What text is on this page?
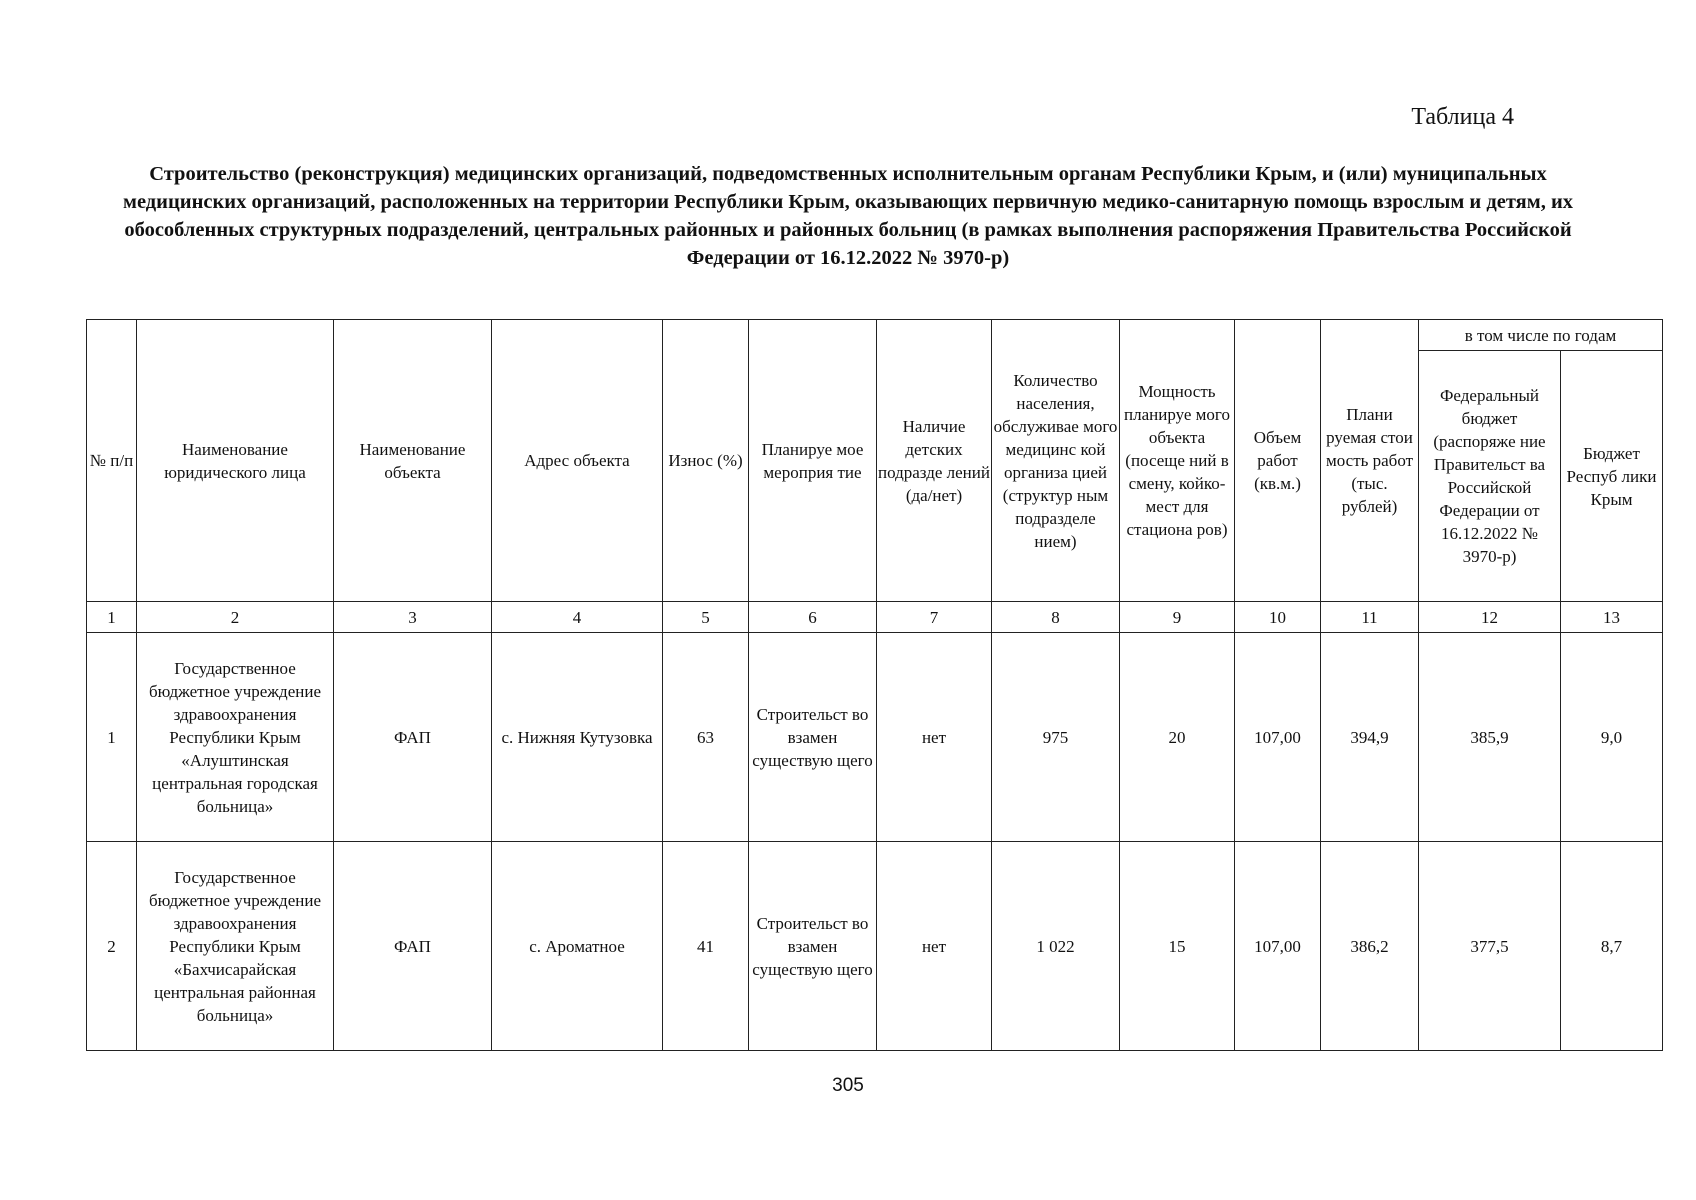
Таблица 4
Строительство (реконструкция) медицинских организаций, подведомственных исполнительным органам Республики Крым, и (или) муниципальных медицинских организаций, расположенных на территории Республики Крым, оказывающих первичную медико-санитарную помощь взрослым и детям, их обособленных структурных подразделений, центральных районных и районных больниц (в рамках выполнения распоряжения Правительства Российской Федерации от 16.12.2022 № 3970-р)
№ п/п	Наименование юридического лица	Наименование объекта	Адрес объекта	Износ (%)	Планируе мое мероприя тие	Наличие детских подразде лений (да/нет)	Количество населения, обслуживае мого медицинс кой организа цией (структур ным подразделе нием)	Мощность планируе мого объекта (посеще ний в смену, койко-мест для стациона ров)	Объем работ (кв.м.)	Плани руемая стои мость работ (тыс. рублей)	в том числе по годам	
											Федеральный бюджет (распоряже ние Правительст ва Российской Федерации от 16.12.2022 № 3970-р)	Бюджет Респуб лики Крым
1	2	3	4	5	6	7	8	9	10	11	12	13
1	Государственное бюджетное учреждение здравоохранения Республики Крым «Алуштинская центральная городская больница»	ФАП	с. Нижняя Кутузовка	63	Строительст во взамен существую щего	нет	975	20	107,00	394,9	385,9	9,0
2	Государственное бюджетное учреждение здравоохранения Республики Крым «Бахчисарайская центральная районная больница»	ФАП	с. Ароматное	41	Строительст во взамен существую щего	нет	1 022	15	107,00	386,2	377,5	8,7
305
